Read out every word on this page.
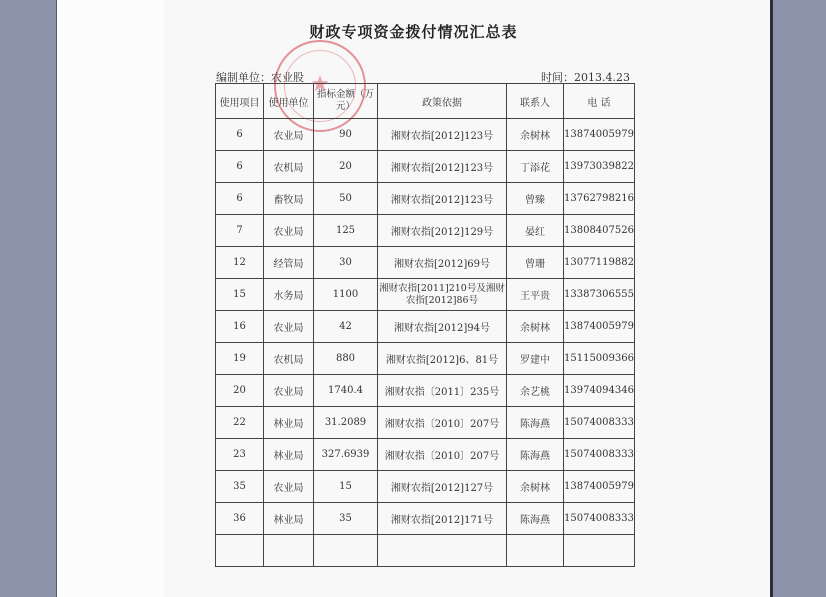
财政专项资金拨付情况汇总表
编制单位：农业股	时间：2013.4.23
★
使用项目	使用单位	指标金额（万元）	政策依据	联系人	电 话
6	农业局	90	湘财农指[2012]123号	余树林	13874005979
6	农机局	20	湘财农指[2012]123号	丁添花	13973039822
6	畜牧局	50	湘财农指[2012]123号	曾臻	13762798216
7	农业局	125	湘财农指[2012]129号	晏红	13808407526
12	经管局	30	湘财农指[2012]69号	曾珊	13077119882
15	水务局	1100	湘财农指[2011]210号及湘财农指[2012]86号	王平贵	13387306555
16	农业局	42	湘财农指[2012]94号	余树林	13874005979
19	农机局	880	湘财农指[2012]6、81号	罗建中	15115009366
20	农业局	1740.4	湘财农指〔2011〕235号	余艺桃	13974094346
22	林业局	31.2089	湘财农指〔2010〕207号	陈海燕	15074008333
23	林业局	327.6939	湘财农指〔2010〕207号	陈海燕	15074008333
35	农业局	15	湘财农指[2012]127号	余树林	13874005979
36	林业局	35	湘财农指[2012]171号	陈海燕	15074008333
